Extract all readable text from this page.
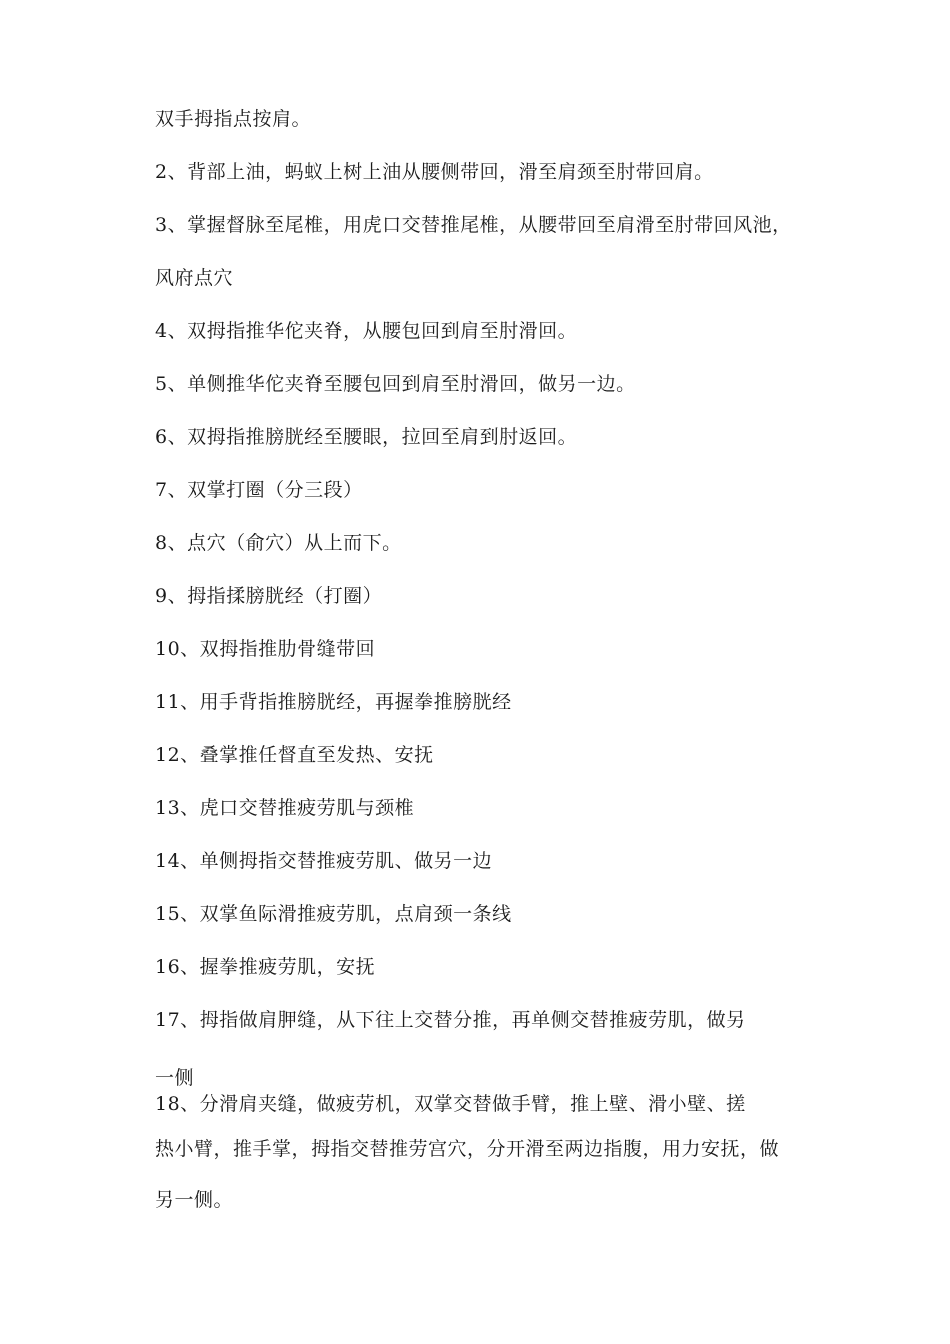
双手拇指点按肩。
2、背部上油，蚂蚁上树上油从腰侧带回，滑至肩颈至肘带回肩。
3、掌握督脉至尾椎，用虎口交替推尾椎，从腰带回至肩滑至肘带回风池，
风府点穴
4、双拇指推华佗夹脊，从腰包回到肩至肘滑回。
5、单侧推华佗夹脊至腰包回到肩至肘滑回，做另一边。
6、双拇指推膀胱经至腰眼，拉回至肩到肘返回。
7、双掌打圈（分三段）
8、点穴（俞穴）从上而下。
9、拇指揉膀胱经（打圈）
10、双拇指推肋骨缝带回
11、用手背指推膀胱经，再握拳推膀胱经
12、叠掌推任督直至发热、安抚
13、虎口交替推疲劳肌与颈椎
14、单侧拇指交替推疲劳肌、做另一边
15、双掌鱼际滑推疲劳肌，点肩颈一条线
16、握拳推疲劳肌，安抚
17、拇指做肩胛缝，从下往上交替分推，再单侧交替推疲劳肌，做另
一侧
18、分滑肩夹缝，做疲劳机，双掌交替做手臂，推上壁、滑小壁、搓
热小臂，推手掌，拇指交替推劳宫穴，分开滑至两边指腹，用力安抚，做
另一侧。
